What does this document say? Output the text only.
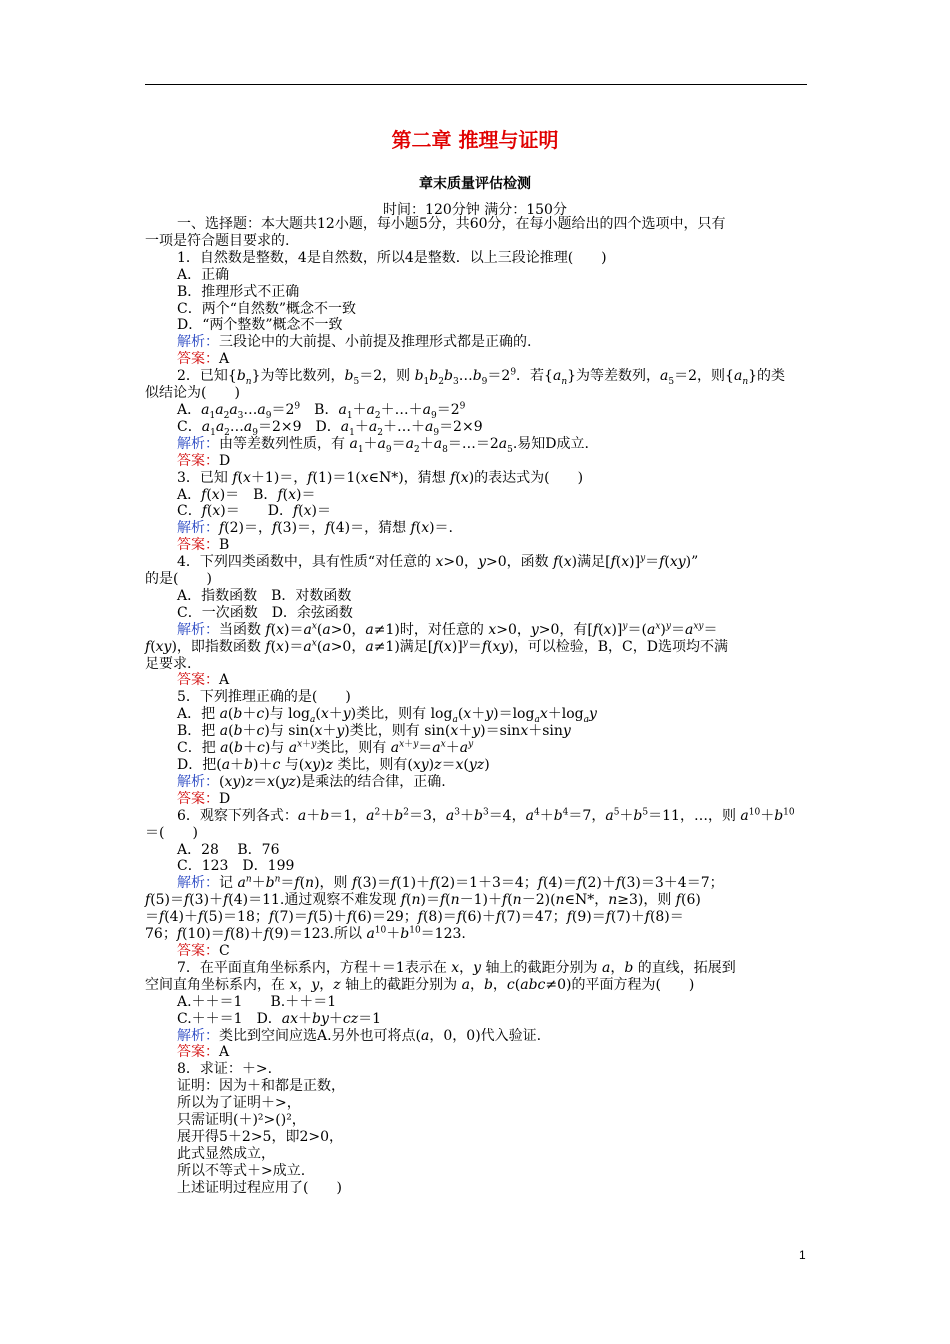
第二章 推理与证明
章末质量评估检测
时间：120分钟 满分：150分
一、选择题：本大题共12小题，每小题5分，共60分，在每小题给出的四个选项中，只有
一项是符合题目要求的.
1．自然数是整数，4是自然数，所以4是整数．以上三段论推理(　　)
A．正确
B．推理形式不正确
C．两个“自然数”概念不一致
D．“两个整数”概念不一致
解析：三段论中的大前提、小前提及推理形式都是正确的.
答案：A
2．已知$\{b_n\}$为等比数列，$b_5=2$，则 $b_1b_2b_3\dots b_9=2^9$．若$\{a_n\}$为等差数列，$a_5=2$，则$\{a_n\}$的类
似结论为(　　)
A．$a_1a_2a_3\dots a_9=2^9$　B．$a_1+a_2+\dots+a_9=2^9$
C．$a_1a_2\dots a_9=2\times 9$　D．$a_1+a_2+\dots+a_9=2\times 9$
解析：由等差数列性质，有 $a_1+a_9=a_2+a_8=\dots=2a_5$.易知D成立.
答案：D
3．已知 f(x＋1)＝，f(1)＝1(x∈N*)，猜想 f(x)的表达式为(　　)
A．f(x)＝　B．f(x)＝
C．f(x)＝　　D．f(x)＝
解析：f(2)＝，f(3)＝，f(4)＝，猜想 f(x)＝.
答案：B
4．下列四类函数中，具有性质“对任意的 x>0，y>0，函数 f(x)满足$[f(x)]^y=f(xy)$”
的是(　　)
A．指数函数　B．对数函数
C．一次函数　D．余弦函数
解析：当函数 $f(x)=a^x(a>0$，a≠1)时，对任意的 x>0，y>0，有$[f(x)]^y=(a^x)^y=a^{xy}=$
f(xy)，即指数函数 $f(x)=a^x(a>0$，a≠1)满足$[f(x)]^y=f(xy)$，可以检验，B，C，D选项均不满
足要求.
答案：A
5．下列推理正确的是(　　)
A．把 a(b＋c)与 $\log_a(x+y)$类比，则有 $\log_a(x+y)=\log_ax+\log_ay$
B．把 a(b＋c)与 sin(x＋y)类比，则有 sin(x＋y)＝sinx＋siny
C．把 a(b＋c)与 $a^{x+y}$类比，则有 $a^{x+y}=a^x+a^y$
D．把(a＋b)＋c 与(xy)z 类比，则有(xy)z＝x(yz)
解析：(xy)z＝x(yz)是乘法的结合律，正确.
答案：D
6．观察下列各式：a＋b＝1，$a^2+b^2=3$，$a^3+b^3=4$，$a^4+b^4=7$，$a^5+b^5=11$，…，则 $a^{10}+b^{10}$
＝(　　)
A．28　 B．76
C．123　D．199
解析：记 $a^n+b^n=f(n)$，则 f(3)＝f(1)＋f(2)＝1＋3＝4；f(4)＝f(2)＋f(3)＝3＋4＝7；
f(5)＝f(3)＋f(4)＝11.通过观察不难发现 f(n)＝f(n－1)＋f(n－2)(n∈N*，n≥3)，则 f(6)
＝f(4)＋f(5)＝18；f(7)＝f(5)＋f(6)＝29；f(8)＝f(6)＋f(7)＝47；f(9)＝f(7)＋f(8)＝
76；f(10)＝f(8)＋f(9)＝123.所以 $a^{10}+b^{10}=123$.
答案：C
7．在平面直角坐标系内，方程＋＝1表示在 x，y 轴上的截距分别为 a，b 的直线，拓展到
空间直角坐标系内，在 x，y，z 轴上的截距分别为 a，b，c(abc≠0)的平面方程为(　　)
A.＋＋＝1　　B.＋＋＝1
C.＋＋＝1　D．ax＋by＋cz＝1
解析：类比到空间应选A.另外也可将点(a，0，0)代入验证.
答案：A
8．求证：＋>.
证明：因为＋和都是正数，
所以为了证明＋>，
只需证明(＋)²>()²，
展开得5＋2>5，即2>0，
此式显然成立，
所以不等式＋>成立.
上述证明过程应用了(　　)
1
